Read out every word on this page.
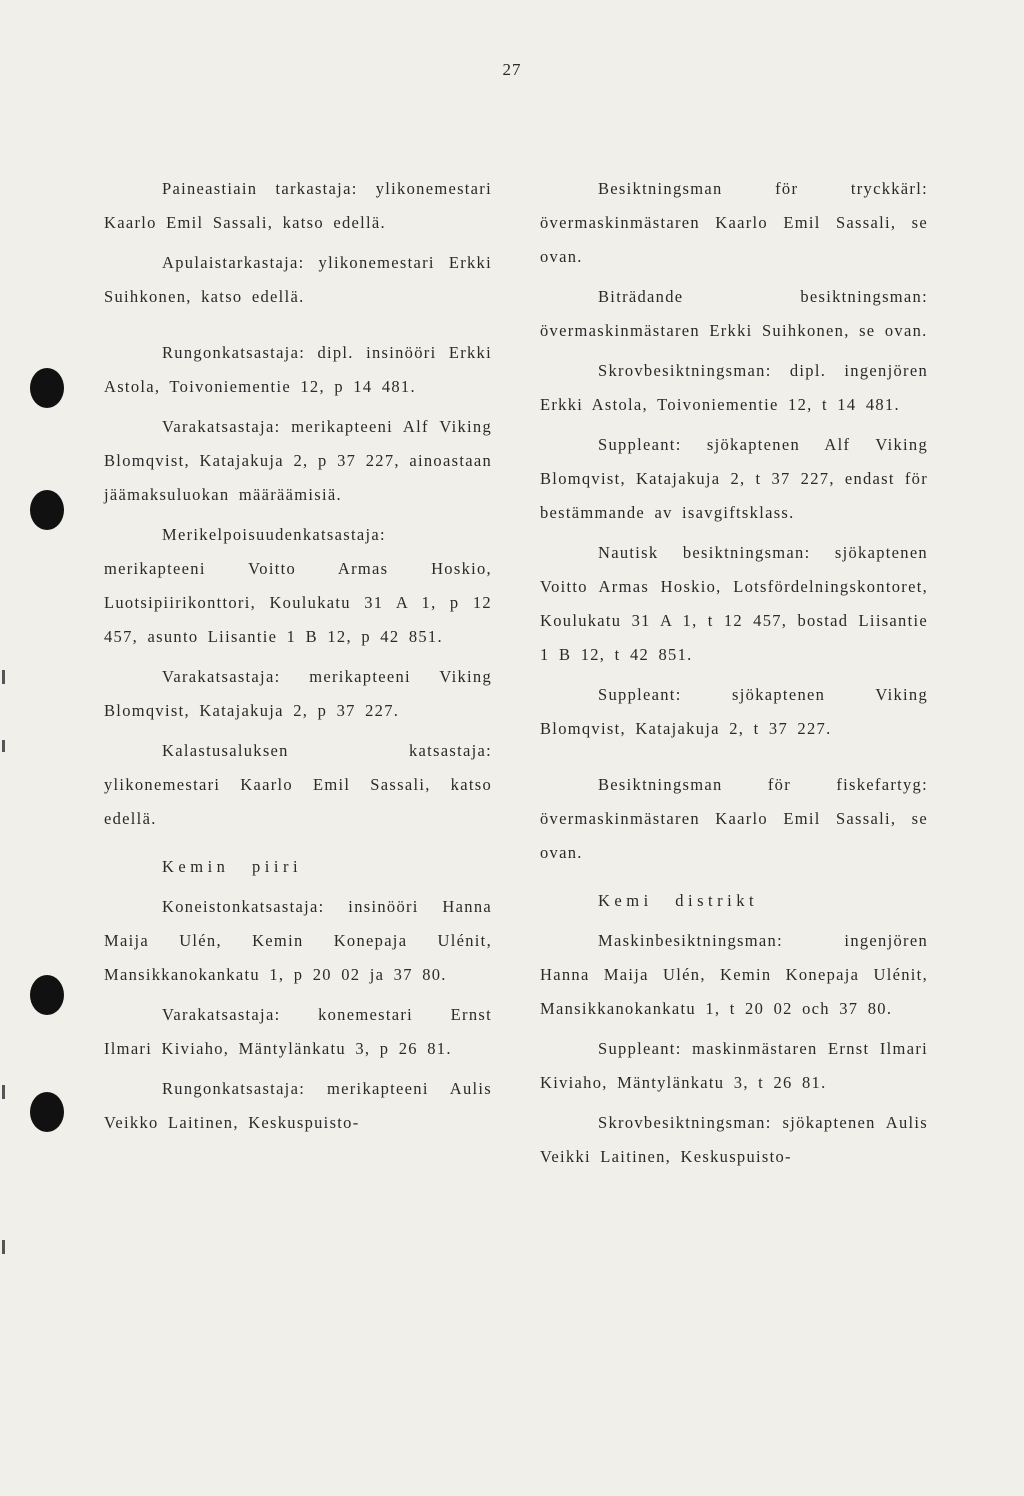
27

Paineastiain tarkastaja: ylikonemestari Kaarlo Emil Sassali, katso edellä.

Apulaistarkastaja: ylikonemestari Erkki Suihkonen, katso edellä.

Rungonkatsastaja: dipl. insinööri Erkki Astola, Toivoniementie 12, p 14 481.

Varakatsastaja: merikapteeni Alf Viking Blomqvist, Katajakuja 2, p 37 227, ainoastaan jäämaksuluokan määräämisiä.

Merikelpoisuudenkatsastaja: merikapteeni Voitto Armas Hoskio, Luotsipiirikonttori, Koulukatu 31 A 1, p 12 457, asunto Liisantie 1 B 12, p 42 851.

Varakatsastaja: merikapteeni Viking Blomqvist, Katajakuja 2, p 37 227.

Kalastusaluksen katsastaja: ylikonemestari Kaarlo Emil Sassali, katso edellä.

Kemin piiri

Koneistonkatsastaja: insinööri Hanna Maija Ulén, Kemin Konepaja Ulénit, Mansikkanokankatu 1, p 20 02 ja 37 80.

Varakatsastaja: konemestari Ernst Ilmari Kiviaho, Mäntylänkatu 3, p 26 81.

Rungonkatsastaja: merikapteeni Aulis Veikko Laitinen, Keskuspuisto-

Besiktningsman för tryckkärl: övermaskinmästaren Kaarlo Emil Sassali, se ovan.

Biträdande besiktningsman: övermaskinmästaren Erkki Suihkonen, se ovan.

Skrovbesiktningsman: dipl. ingenjören Erkki Astola, Toivoniementie 12, t 14 481.

Suppleant: sjökaptenen Alf Viking Blomqvist, Katajakuja 2, t 37 227, endast för bestämmande av isavgiftsklass.

Nautisk besiktningsman: sjökaptenen Voitto Armas Hoskio, Lotsfördelningskontoret, Koulukatu 31 A 1, t 12 457, bostad Liisantie 1 B 12, t 42 851.

Suppleant: sjökaptenen Viking Blomqvist, Katajakuja 2, t 37 227.

Besiktningsman för fiskefartyg: övermaskinmästaren Kaarlo Emil Sassali, se ovan.

Kemi distrikt

Maskinbesiktningsman: ingenjören Hanna Maija Ulén, Kemin Konepaja Ulénit, Mansikkanokankatu 1, t 20 02 och 37 80.

Suppleant: maskinmästaren Ernst Ilmari Kiviaho, Mäntylänkatu 3, t 26 81.

Skrovbesiktningsman: sjökaptenen Aulis Veikki Laitinen, Keskuspuisto-
